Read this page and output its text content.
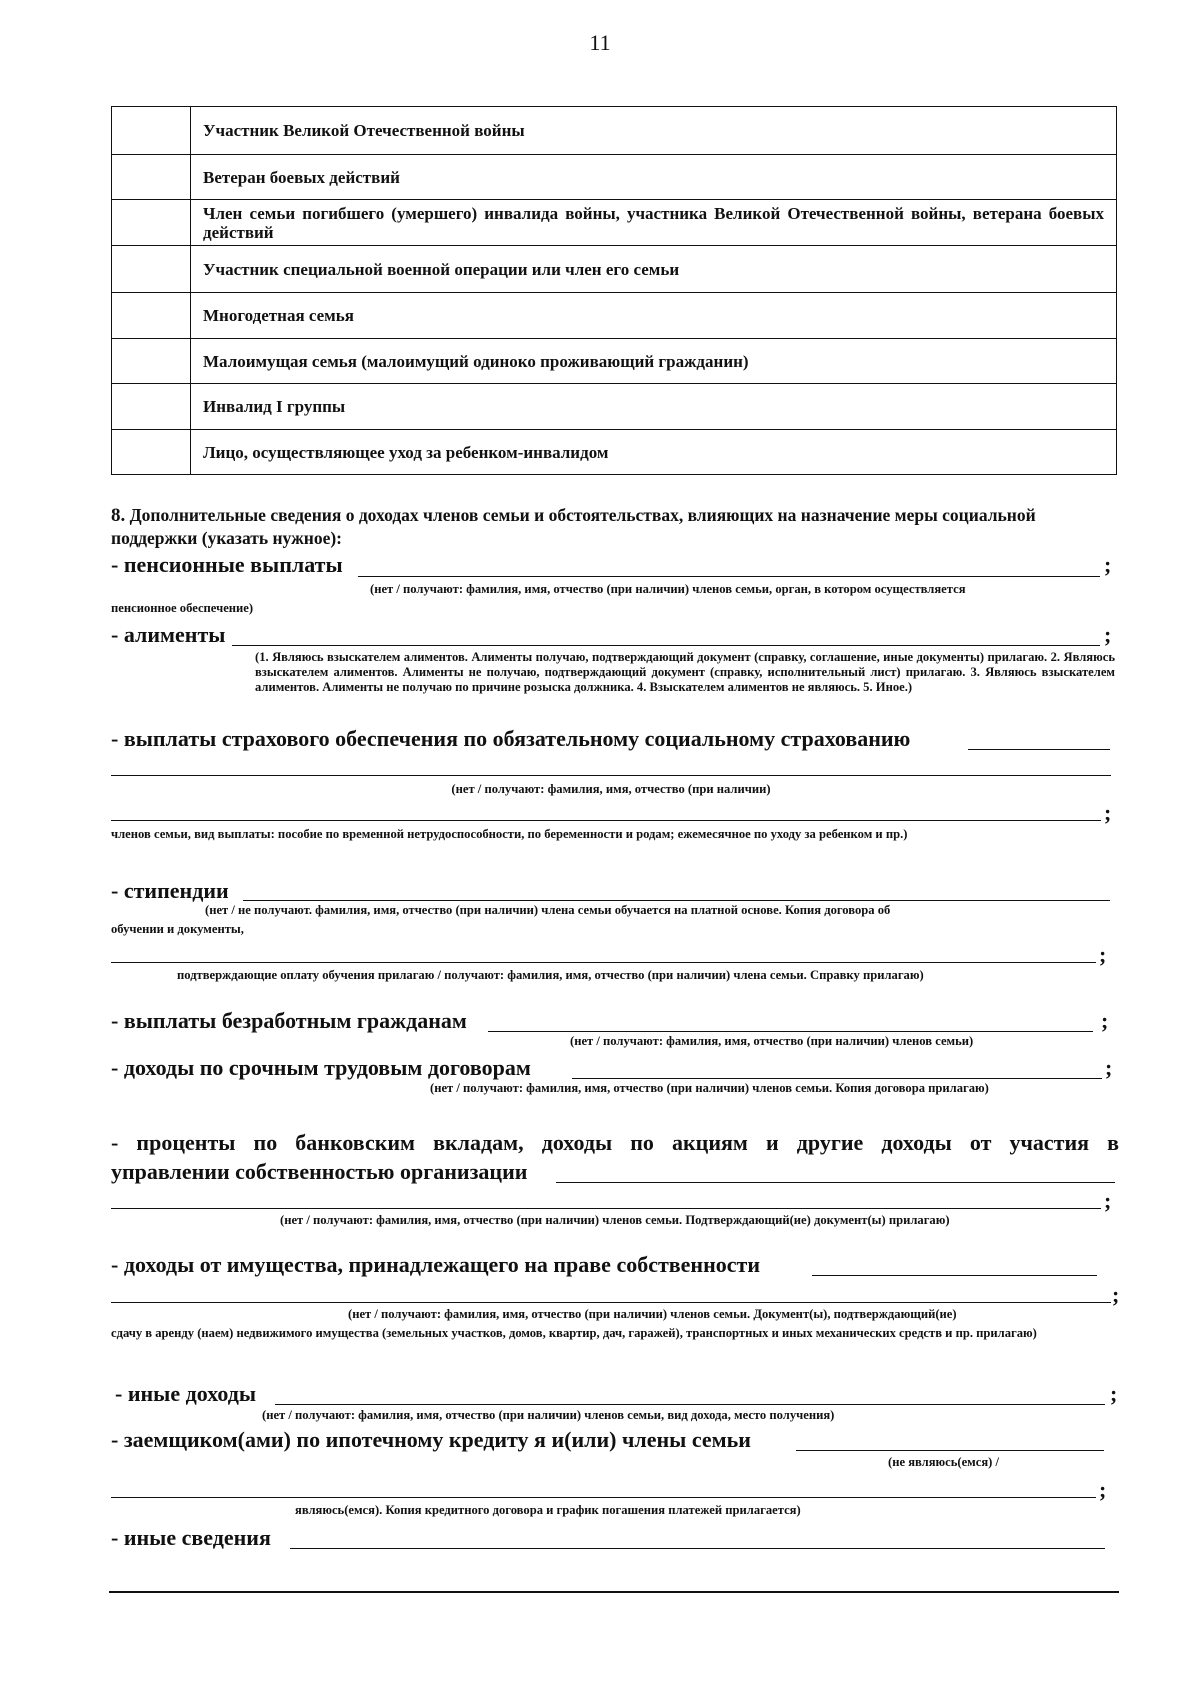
11
	Участник Великой Отечественной войны
	Ветеран боевых действий
	Член семьи погибшего (умершего) инвалида войны, участника Великой Отечественной войны, ветерана боевых действий
	Участник специальной военной операции или член его семьи
	Многодетная семья
	Малоимущая семья (малоимущий одиноко проживающий гражданин)
	Инвалид I группы
	Лицо, осуществляющее уход за ребенком-инвалидом
8. Дополнительные сведения о доходах членов семьи и обстоятельствах, влияющих на назначение меры социальной поддержки (указать нужное):
- пенсионные выплаты	;
(нет / получают: фамилия, имя, отчество (при наличии) членов семьи, орган, в котором осуществляется
пенсионное обеспечение)
- алименты	;
(1. Являюсь взыскателем алиментов. Алименты получаю, подтверждающий документ (справку, соглашение, иные документы) прилагаю. 2. Являюсь взыскателем алиментов. Алименты не получаю, подтверждающий документ (справку, исполнительный лист) прилагаю. 3. Являюсь взыскателем алиментов. Алименты не получаю по причине розыска должника. 4. Взыскателем алиментов не являюсь. 5. Иное.)
- выплаты страхового обеспечения по обязательному социальному страхованию
(нет / получают: фамилия, имя, отчество (при наличии)
;
членов семьи, вид выплаты: пособие по временной нетрудоспособности, по беременности и родам; ежемесячное по уходу за ребенком и пр.)
- стипендии
(нет / не получают. фамилия, имя, отчество (при наличии) члена семьи обучается на платной основе. Копия договора об
обучении и документы,
;
подтверждающие оплату обучения прилагаю / получают: фамилия, имя, отчество (при наличии) члена семьи. Справку прилагаю)
- выплаты безработным гражданам	;
(нет / получают: фамилия, имя, отчество (при наличии) членов семьи)
- доходы по срочным трудовым договорам	;
(нет / получают: фамилия, имя, отчество (при наличии) членов семьи. Копия договора прилагаю)
- проценты по банковским вкладам, доходы по акциям и другие доходы от участия в
управлении собственностью организации
;
(нет / получают: фамилия, имя, отчество (при наличии) членов семьи. Подтверждающий(ие) документ(ы) прилагаю)
- доходы от имущества, принадлежащего на праве собственности
;
(нет / получают: фамилия, имя, отчество (при наличии) членов семьи. Документ(ы), подтверждающий(ие)
сдачу в аренду (наем) недвижимого имущества (земельных участков, домов, квартир, дач, гаражей), транспортных и иных механических средств и пр. прилагаю)
- иные доходы	;
(нет / получают: фамилия, имя, отчество (при наличии) членов семьи, вид дохода, место получения)
- заемщиком(ами) по ипотечному кредиту я и(или) члены семьи
(не являюсь(емся) /
;
являюсь(емся). Копия кредитного договора и график погашения платежей прилагается)
- иные сведения
